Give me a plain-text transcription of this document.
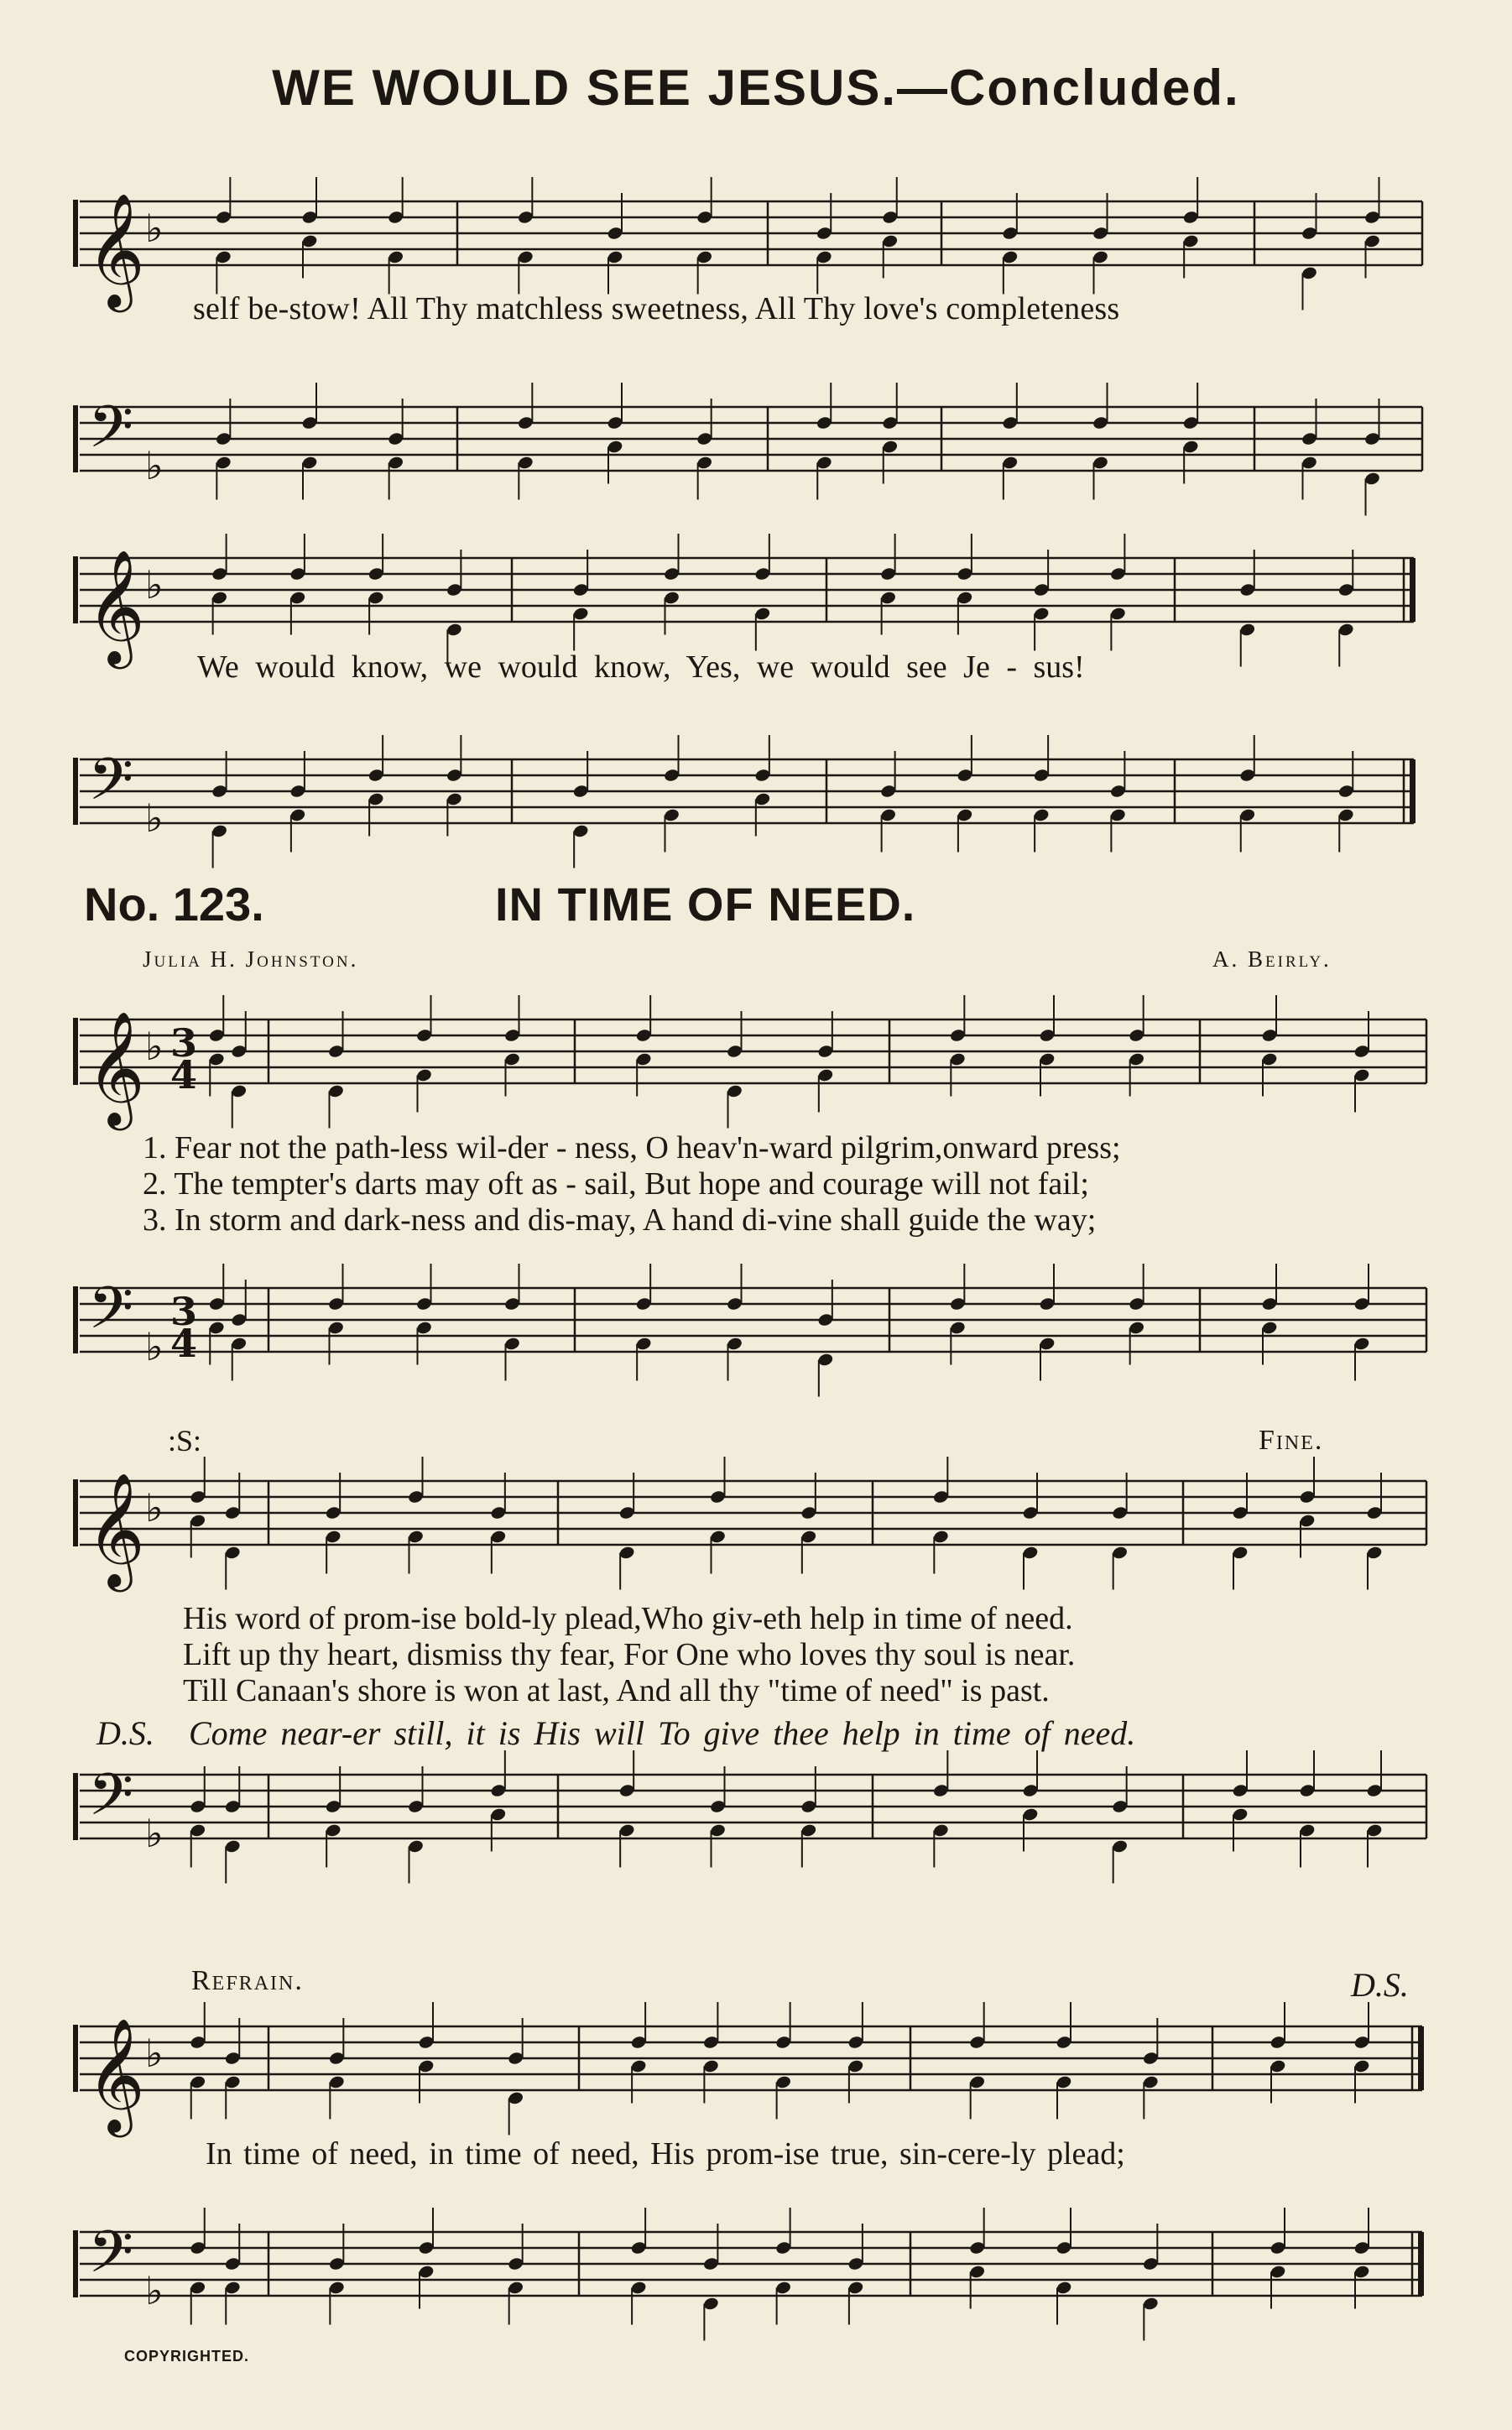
WE WOULD SEE JESUS.—Concluded.
𝄞 ♭
self be-stow! All Thy matchless sweetness, All Thy love's completeness
𝄢 ♭
𝄞 ♭
We would know, we would know, Yes, we would see Je - sus!
𝄢 ♭
No. 123.	IN TIME OF NEED.
Julia H. Johnston.	A. Beirly.
𝄞 ♭ 3
4
1. Fear not the path-less wil-der - ness, O heav'n-ward pilgrim,onward press;
2. The tempter's darts may oft as - sail, But hope and courage will not fail;
3. In storm and dark-ness and dis-may, A hand di-vine shall guide the way;
𝄢 ♭
3
4
:S:	Fine.
𝄞 ♭
His word of prom-ise bold-ly plead,Who giv-eth help in time of need.
Lift up thy heart, dismiss thy fear, For One who loves thy soul is near.
Till Canaan's shore is won at last, And all thy "time of need" is past.
D.S. Come near-er still, it is His will To give thee help in time of need.
𝄢 ♭
Refrain.	D.S.
𝄞 ♭
In time of need, in time of need, His prom-ise true, sin-cere-ly plead;
𝄢 ♭
COPYRIGHTED.
